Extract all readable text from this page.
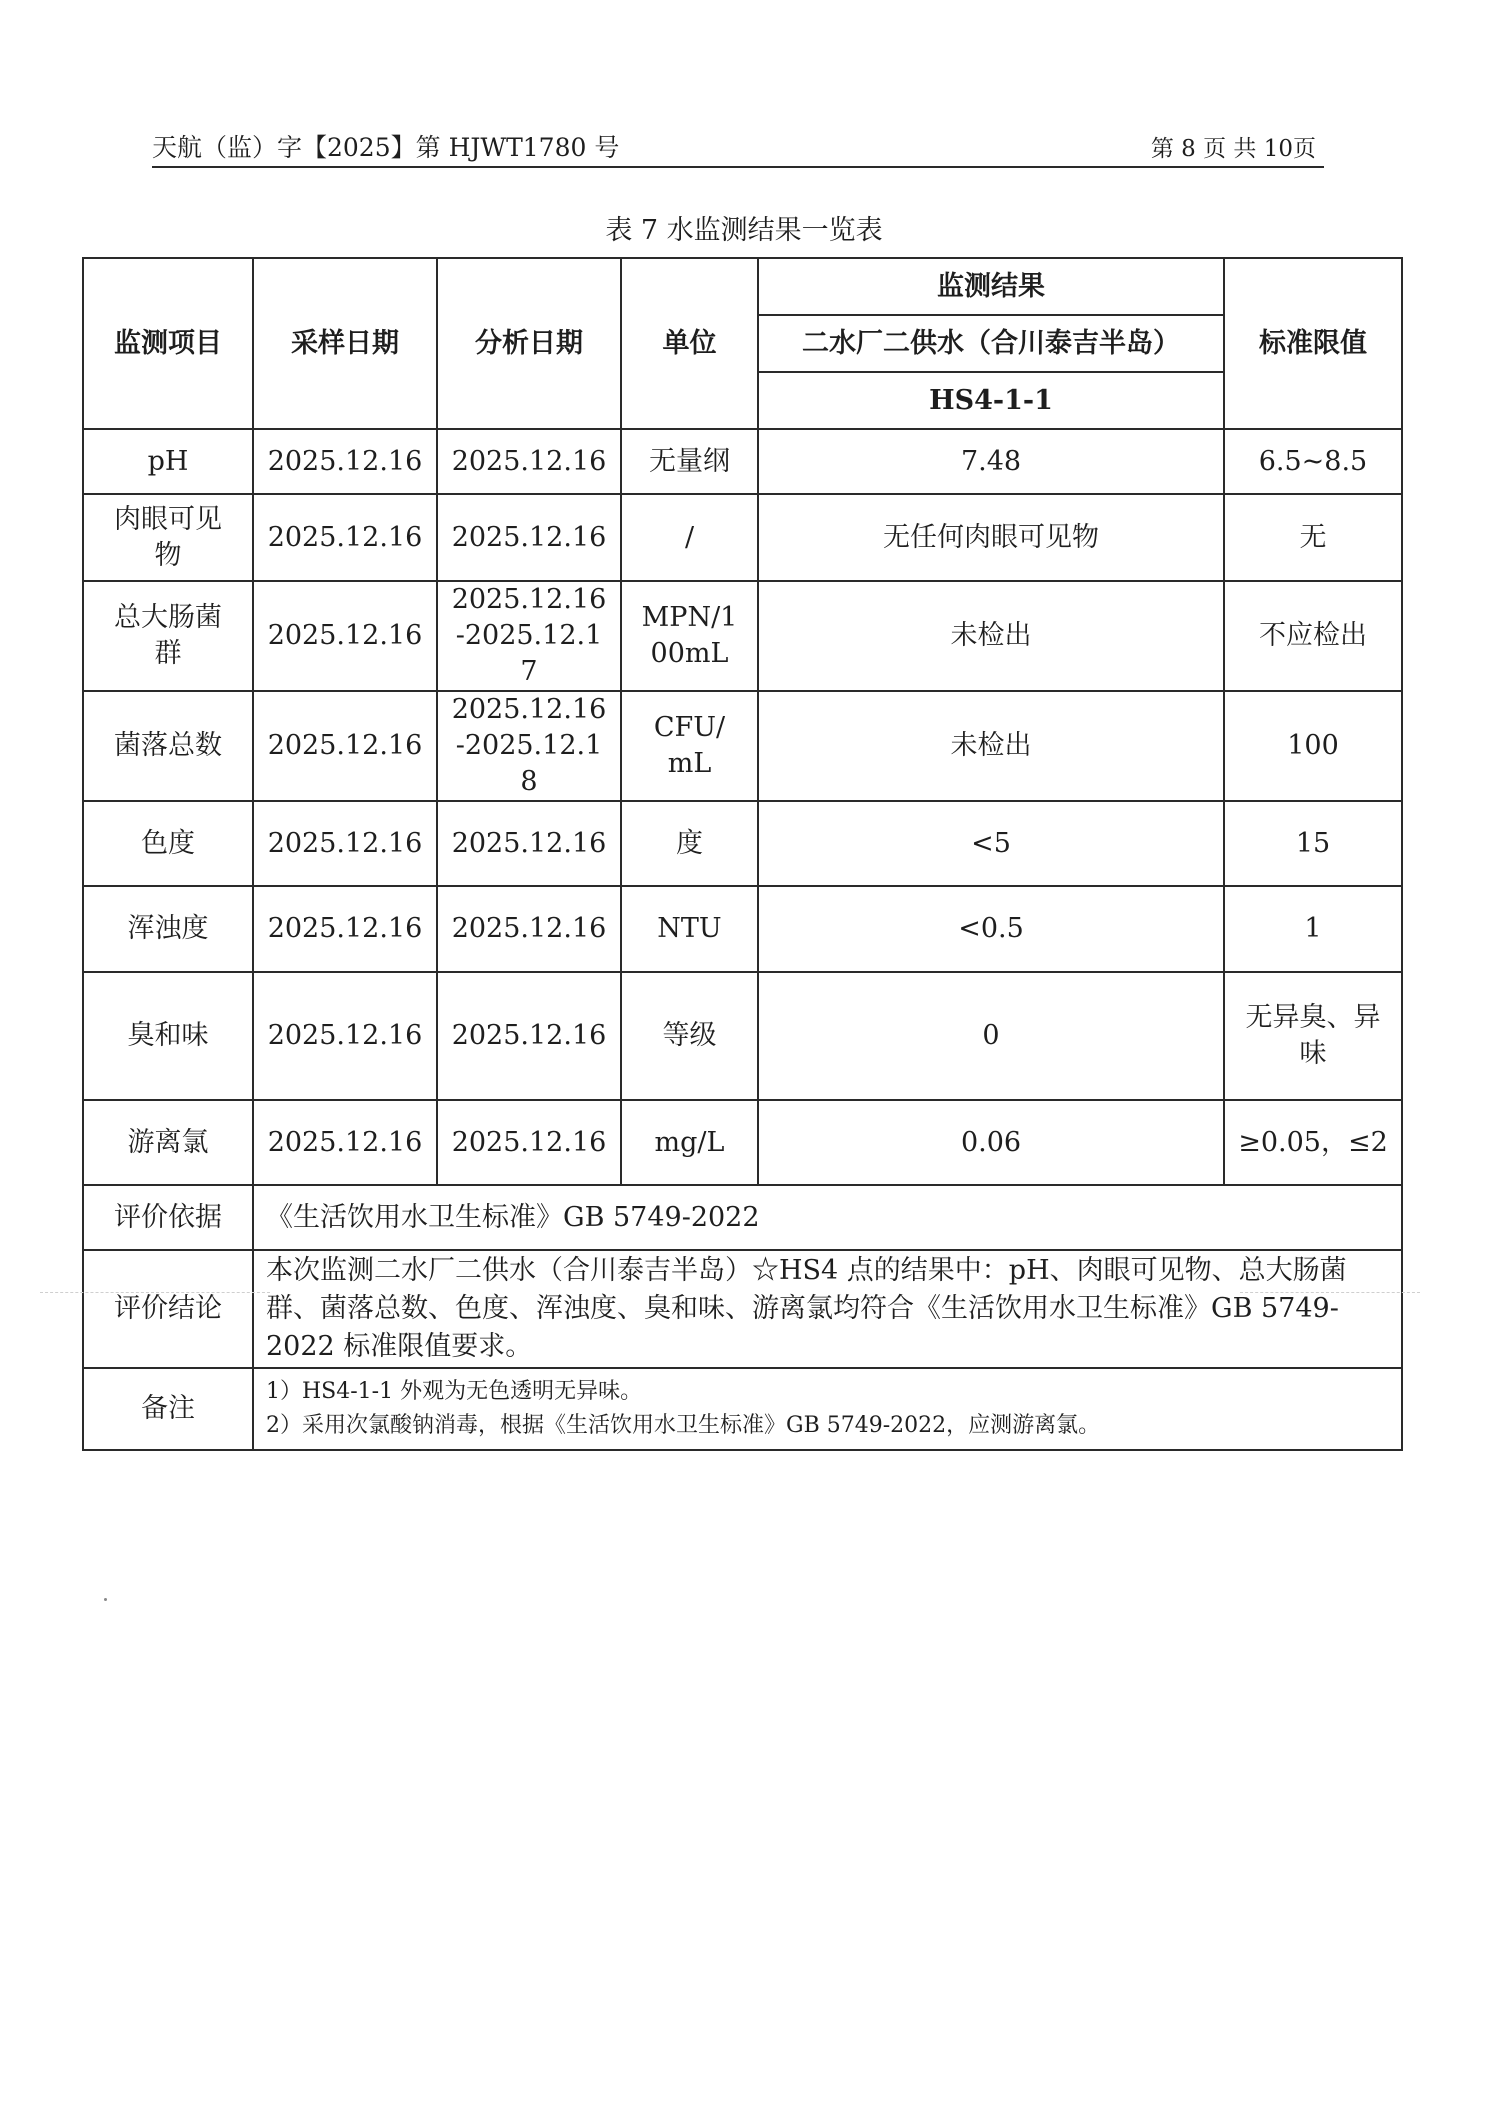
天航（监）字【2025】第 HJWT1780 号	第 8 页 共 10页
表 7 水监测结果一览表
监测项目	采样日期	分析日期	单位	监测结果	标准限值
				二水厂二供水（合川泰吉半岛）	
				HS4-1-1	
pH	2025.12.16	2025.12.16	无量纲	7.48	6.5~8.5

肉眼可见物	2025.12.16	2025.12.16	/	无任何肉眼可见物	无

总大肠菌群	2025.12.16	2025.12.16-2025.12.17	MPN/100mL	未检出	不应检出
菌落总数	2025.12.16	2025.12.16-2025.12.18	CFU/mL	未检出	100
色度	2025.12.16	2025.12.16	度	<5	15
浑浊度	2025.12.16	2025.12.16	NTU	<0.5	1
臭和味	2025.12.16	2025.12.16	等级	0	无异臭、异味

游离氯	2025.12.16	2025.12.16	mg/L	0.06	≥0.05，≤2
评价依据	《生活饮用水卫生标准》GB 5749-2022				
评价结论	本次监测二水厂二供水（合川泰吉半岛）☆HS4 点的结果中：pH、肉眼可见物、总大肠菌群、菌落总数、色度、浑浊度、臭和味、游离氯均符合《生活饮用水卫生标准》GB 5749-2022 标准限值要求。				
备注	1）HS4-1-1 外观为无色透明无异味。
2）采用次氯酸钠消毒，根据《生活饮用水卫生标准》GB 5749-2022，应测游离氯。				
